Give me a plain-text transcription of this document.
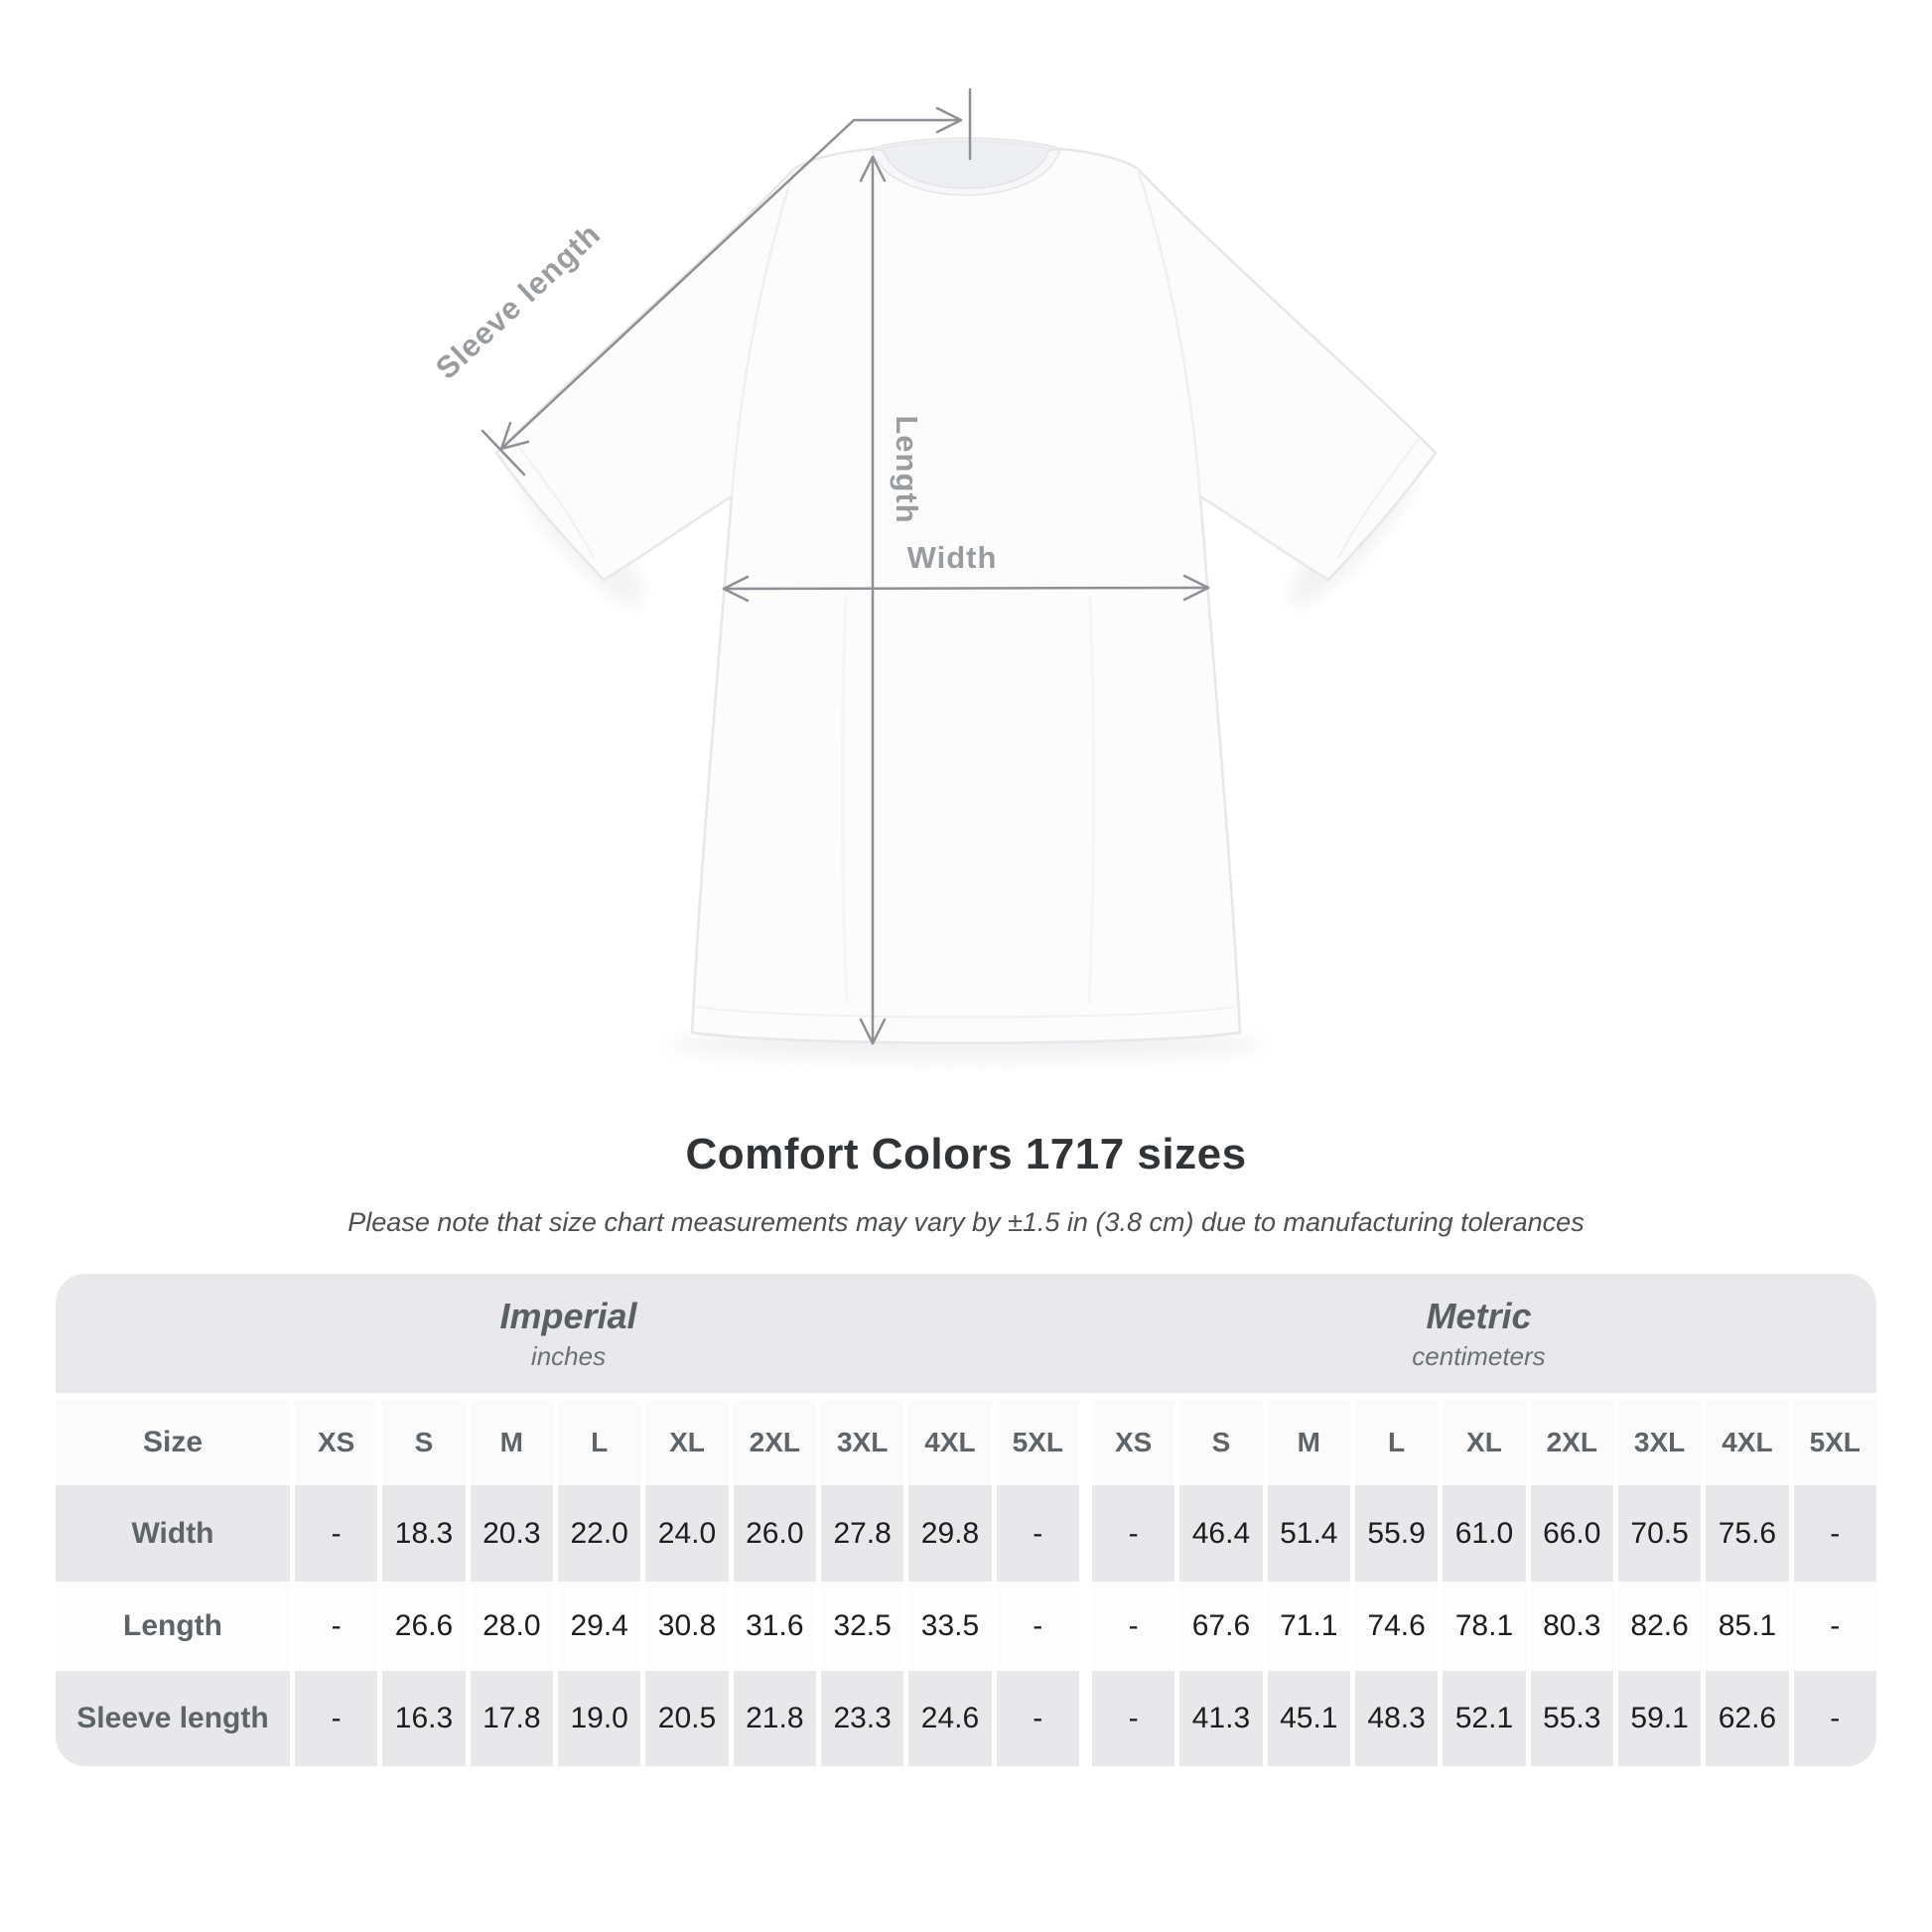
Sleeve length
Length
Width
Comfort Colors 1717 sizes

Please note that size chart measurements may vary by ±1.5 in (3.8 cm) due to manufacturing tolerances

Imperial
inches
Metric
centimeters
Size	XS	S	M	L	XL	2XL	3XL	4XL	5XL	XS	S	M	L	XL	2XL	3XL	4XL	5XL
Width	-	18.3 20.3 22.0 24.0 26.0 27.8 29.8	-	-	46.4 51.4 55.9 61.0 66.0 70.5 75.6	-
Length	-	26.6 28.0 29.4 30.8 31.6 32.5 33.5	-	-	67.6 71.1 74.6 78.1 80.3 82.6 85.1	-
Sleeve length	-	16.3 17.8 19.0 20.5 21.8 23.3 24.6	-	-	41.3 45.1 48.3 52.1 55.3 59.1 62.6	-
